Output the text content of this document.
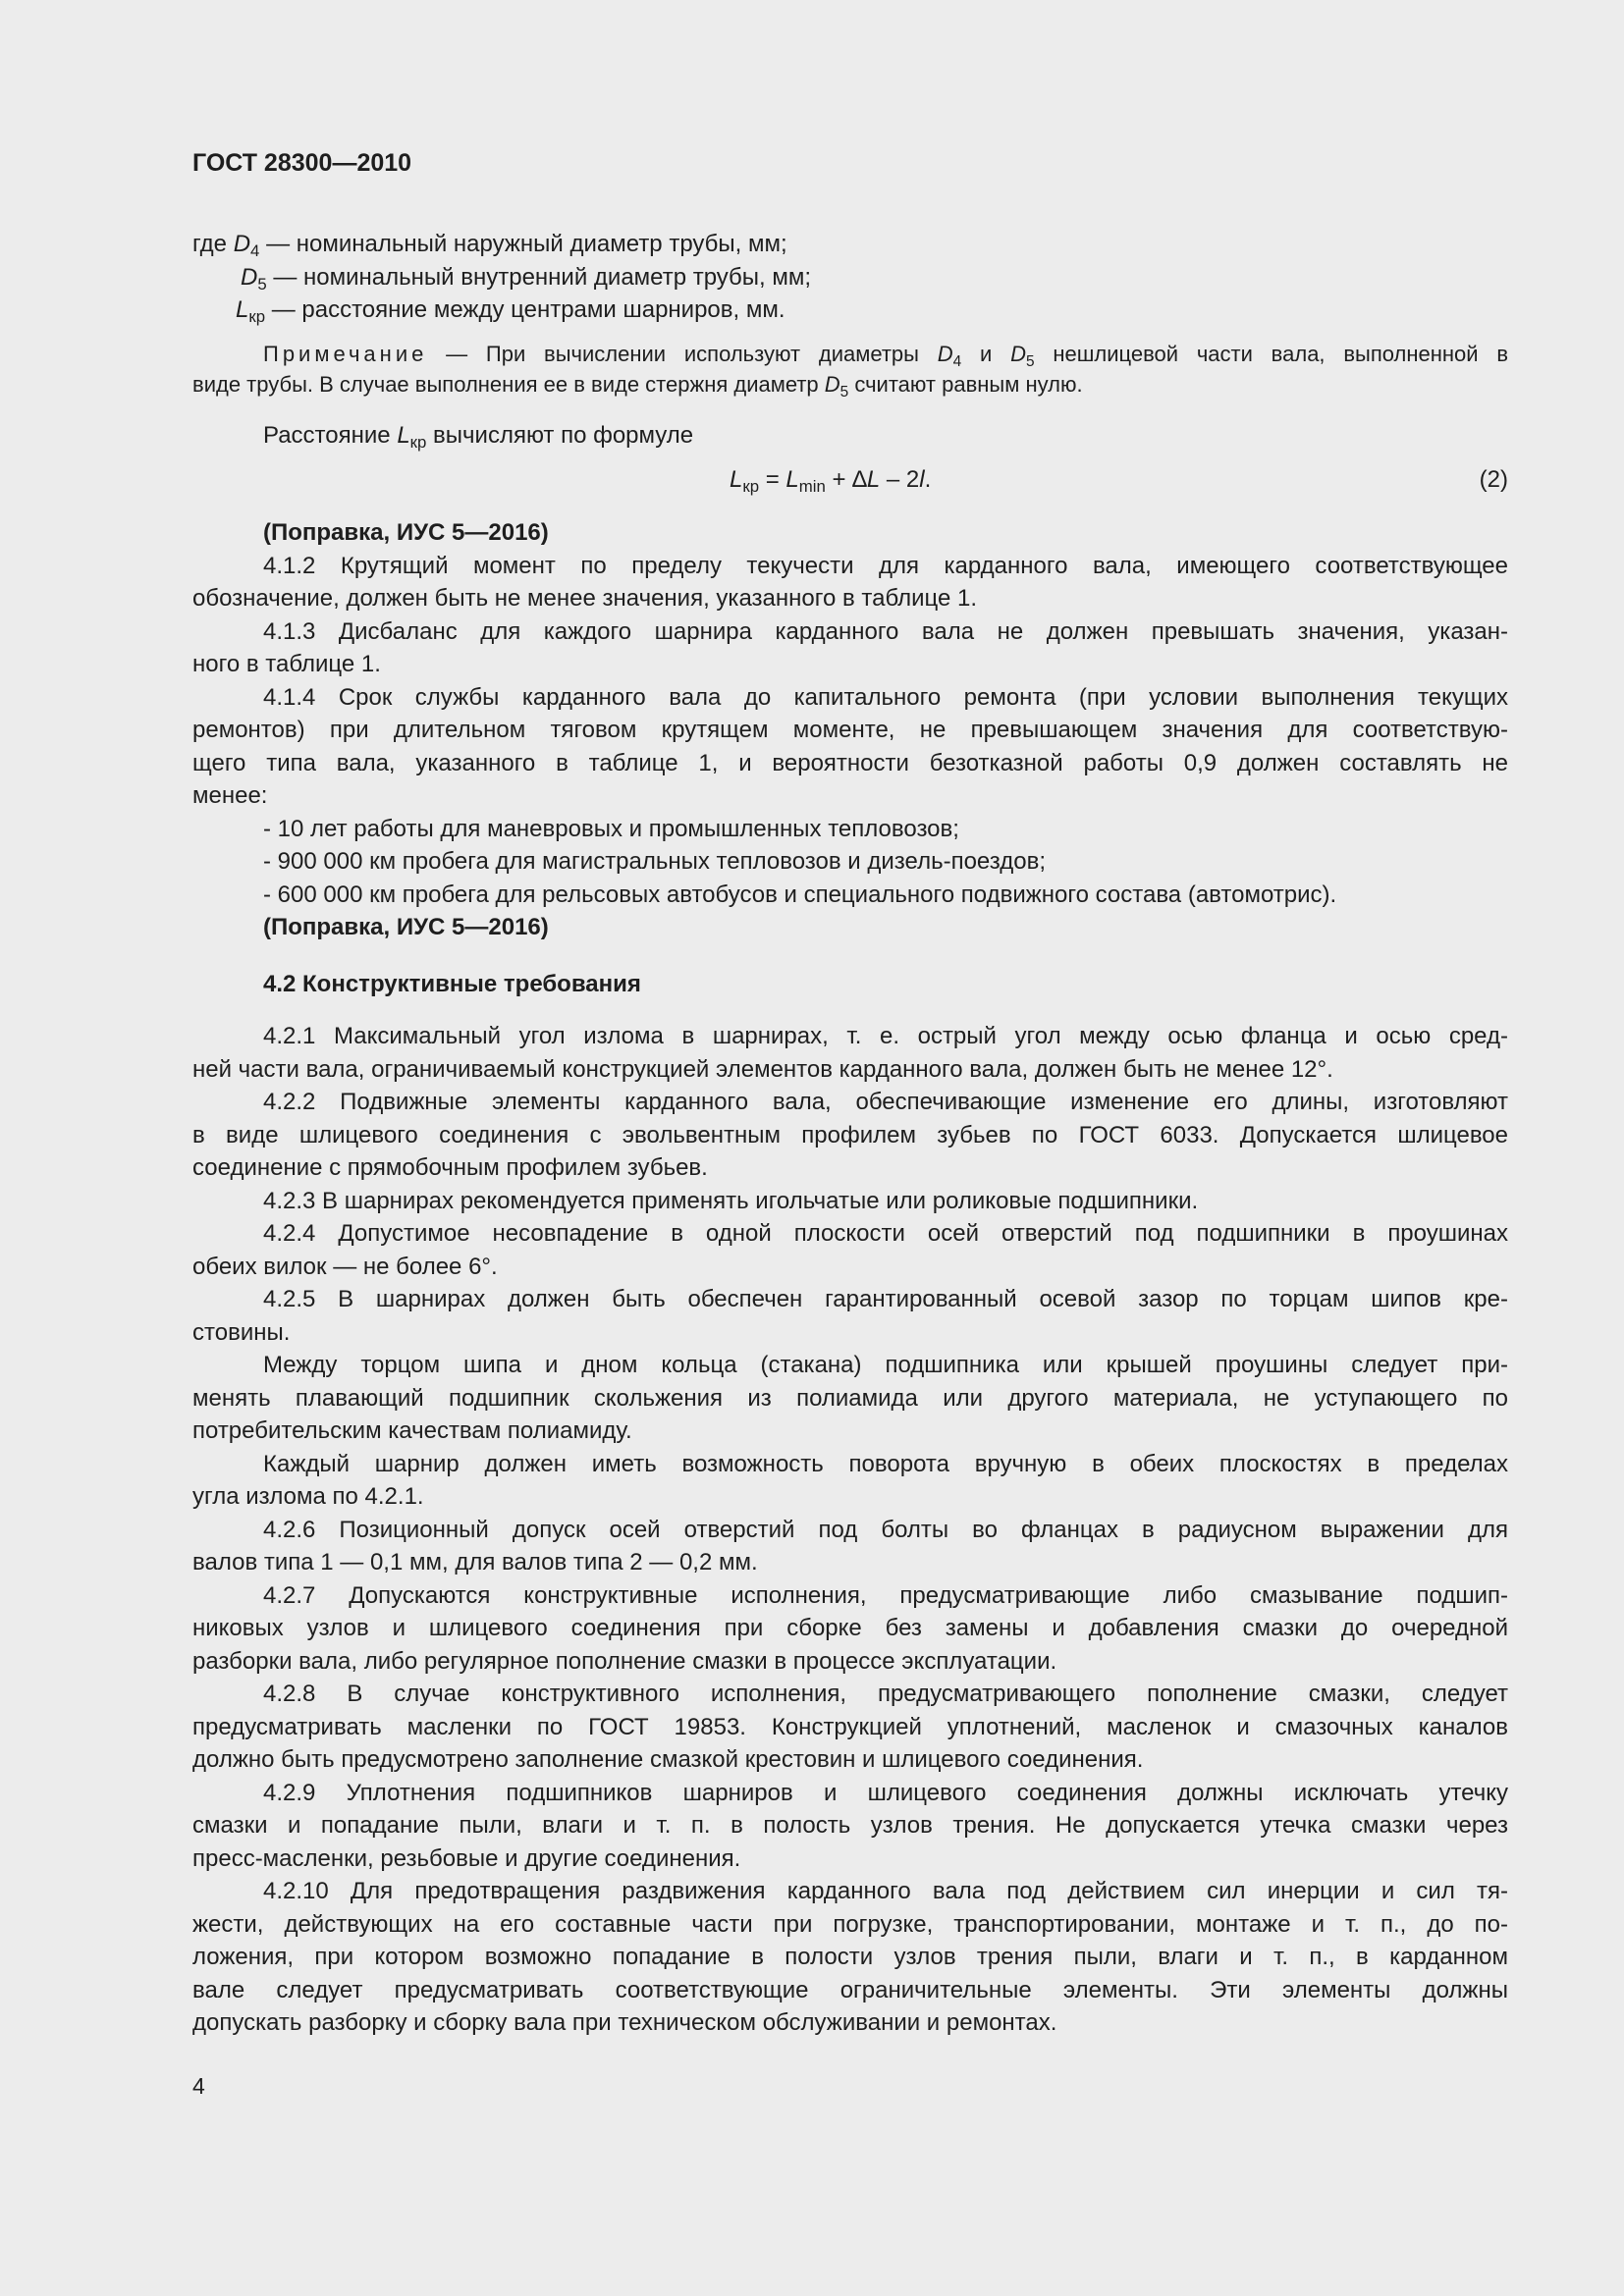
ГОСТ 28300—2010
где $D_4$ — номинальный наружный диаметр трубы, мм;
$D_5$ — номинальный внутренний диаметр трубы, мм;
$L_{кр}$ — расстояние между центрами шарниров, мм.
Примечание — При вычислении используют диаметры $D_4$ и $D_5$ нешлицевой части вала, выполненной в
виде трубы. В случае выполнения ее в виде стержня диаметр $D_5$ считают равным нулю.
Расстояние $L_{кр}$ вычисляют по формуле
$L_{кр} = L_{min} + \Delta L - 2l$.	(2)
(Поправка, ИУС 5—2016)
4.1.2 Крутящий момент по пределу текучести для карданного вала, имеющего соответствующее
обозначение, должен быть не менее значения, указанного в таблице 1.
4.1.3 Дисбаланс для каждого шарнира карданного вала не должен превышать значения, указан-
ного в таблице 1.
4.1.4 Срок службы карданного вала до капитального ремонта (при условии выполнения текущих
ремонтов) при длительном тяговом крутящем моменте, не превышающем значения для соответствую-
щего типа вала, указанного в таблице 1, и вероятности безотказной работы 0,9 должен составлять не
менее:
- 10 лет работы для маневровых и промышленных тепловозов;
- 900 000 км пробега для магистральных тепловозов и дизель-поездов;
- 600 000 км пробега для рельсовых автобусов и специального подвижного состава (автомотрис).
(Поправка, ИУС 5—2016)
4.2 Конструктивные требования
4.2.1 Максимальный угол излома в шарнирах, т. е. острый угол между осью фланца и осью сред-
ней части вала, ограничиваемый конструкцией элементов карданного вала, должен быть не менее 12°.
4.2.2 Подвижные элементы карданного вала, обеспечивающие изменение его длины, изготовляют
в виде шлицевого соединения с эвольвентным профилем зубьев по ГОСТ 6033. Допускается шлицевое
соединение с прямобочным профилем зубьев.
4.2.3 В шарнирах рекомендуется применять игольчатые или роликовые подшипники.
4.2.4 Допустимое несовпадение в одной плоскости осей отверстий под подшипники в проушинах
обеих вилок — не более 6°.
4.2.5 В шарнирах должен быть обеспечен гарантированный осевой зазор по торцам шипов кре-
стовины.
Между торцом шипа и дном кольца (стакана) подшипника или крышей проушины следует при-
менять плавающий подшипник скольжения из полиамида или другого материала, не уступающего по
потребительским качествам полиамиду.
Каждый шарнир должен иметь возможность поворота вручную в обеих плоскостях в пределах
угла излома по 4.2.1.
4.2.6 Позиционный допуск осей отверстий под болты во фланцах в радиусном выражении для
валов типа 1 — 0,1 мм, для валов типа 2 — 0,2 мм.
4.2.7 Допускаются конструктивные исполнения, предусматривающие либо смазывание подшип-
никовых узлов и шлицевого соединения при сборке без замены и добавления смазки до очередной
разборки вала, либо регулярное пополнение смазки в процессе эксплуатации.
4.2.8 В случае конструктивного исполнения, предусматривающего пополнение смазки, следует
предусматривать масленки по ГОСТ 19853. Конструкцией уплотнений, масленок и смазочных каналов
должно быть предусмотрено заполнение смазкой крестовин и шлицевого соединения.
4.2.9 Уплотнения подшипников шарниров и шлицевого соединения должны исключать утечку
смазки и попадание пыли, влаги и т. п. в полость узлов трения. Не допускается утечка смазки через
пресс-масленки, резьбовые и другие соединения.
4.2.10 Для предотвращения раздвижения карданного вала под действием сил инерции и сил тя-
жести, действующих на его составные части при погрузке, транспортировании, монтаже и т. п., до по-
ложения, при котором возможно попадание в полости узлов трения пыли, влаги и т. п., в карданном
вале следует предусматривать соответствующие ограничительные элементы. Эти элементы должны
допускать разборку и сборку вала при техническом обслуживании и ремонтах.
4
